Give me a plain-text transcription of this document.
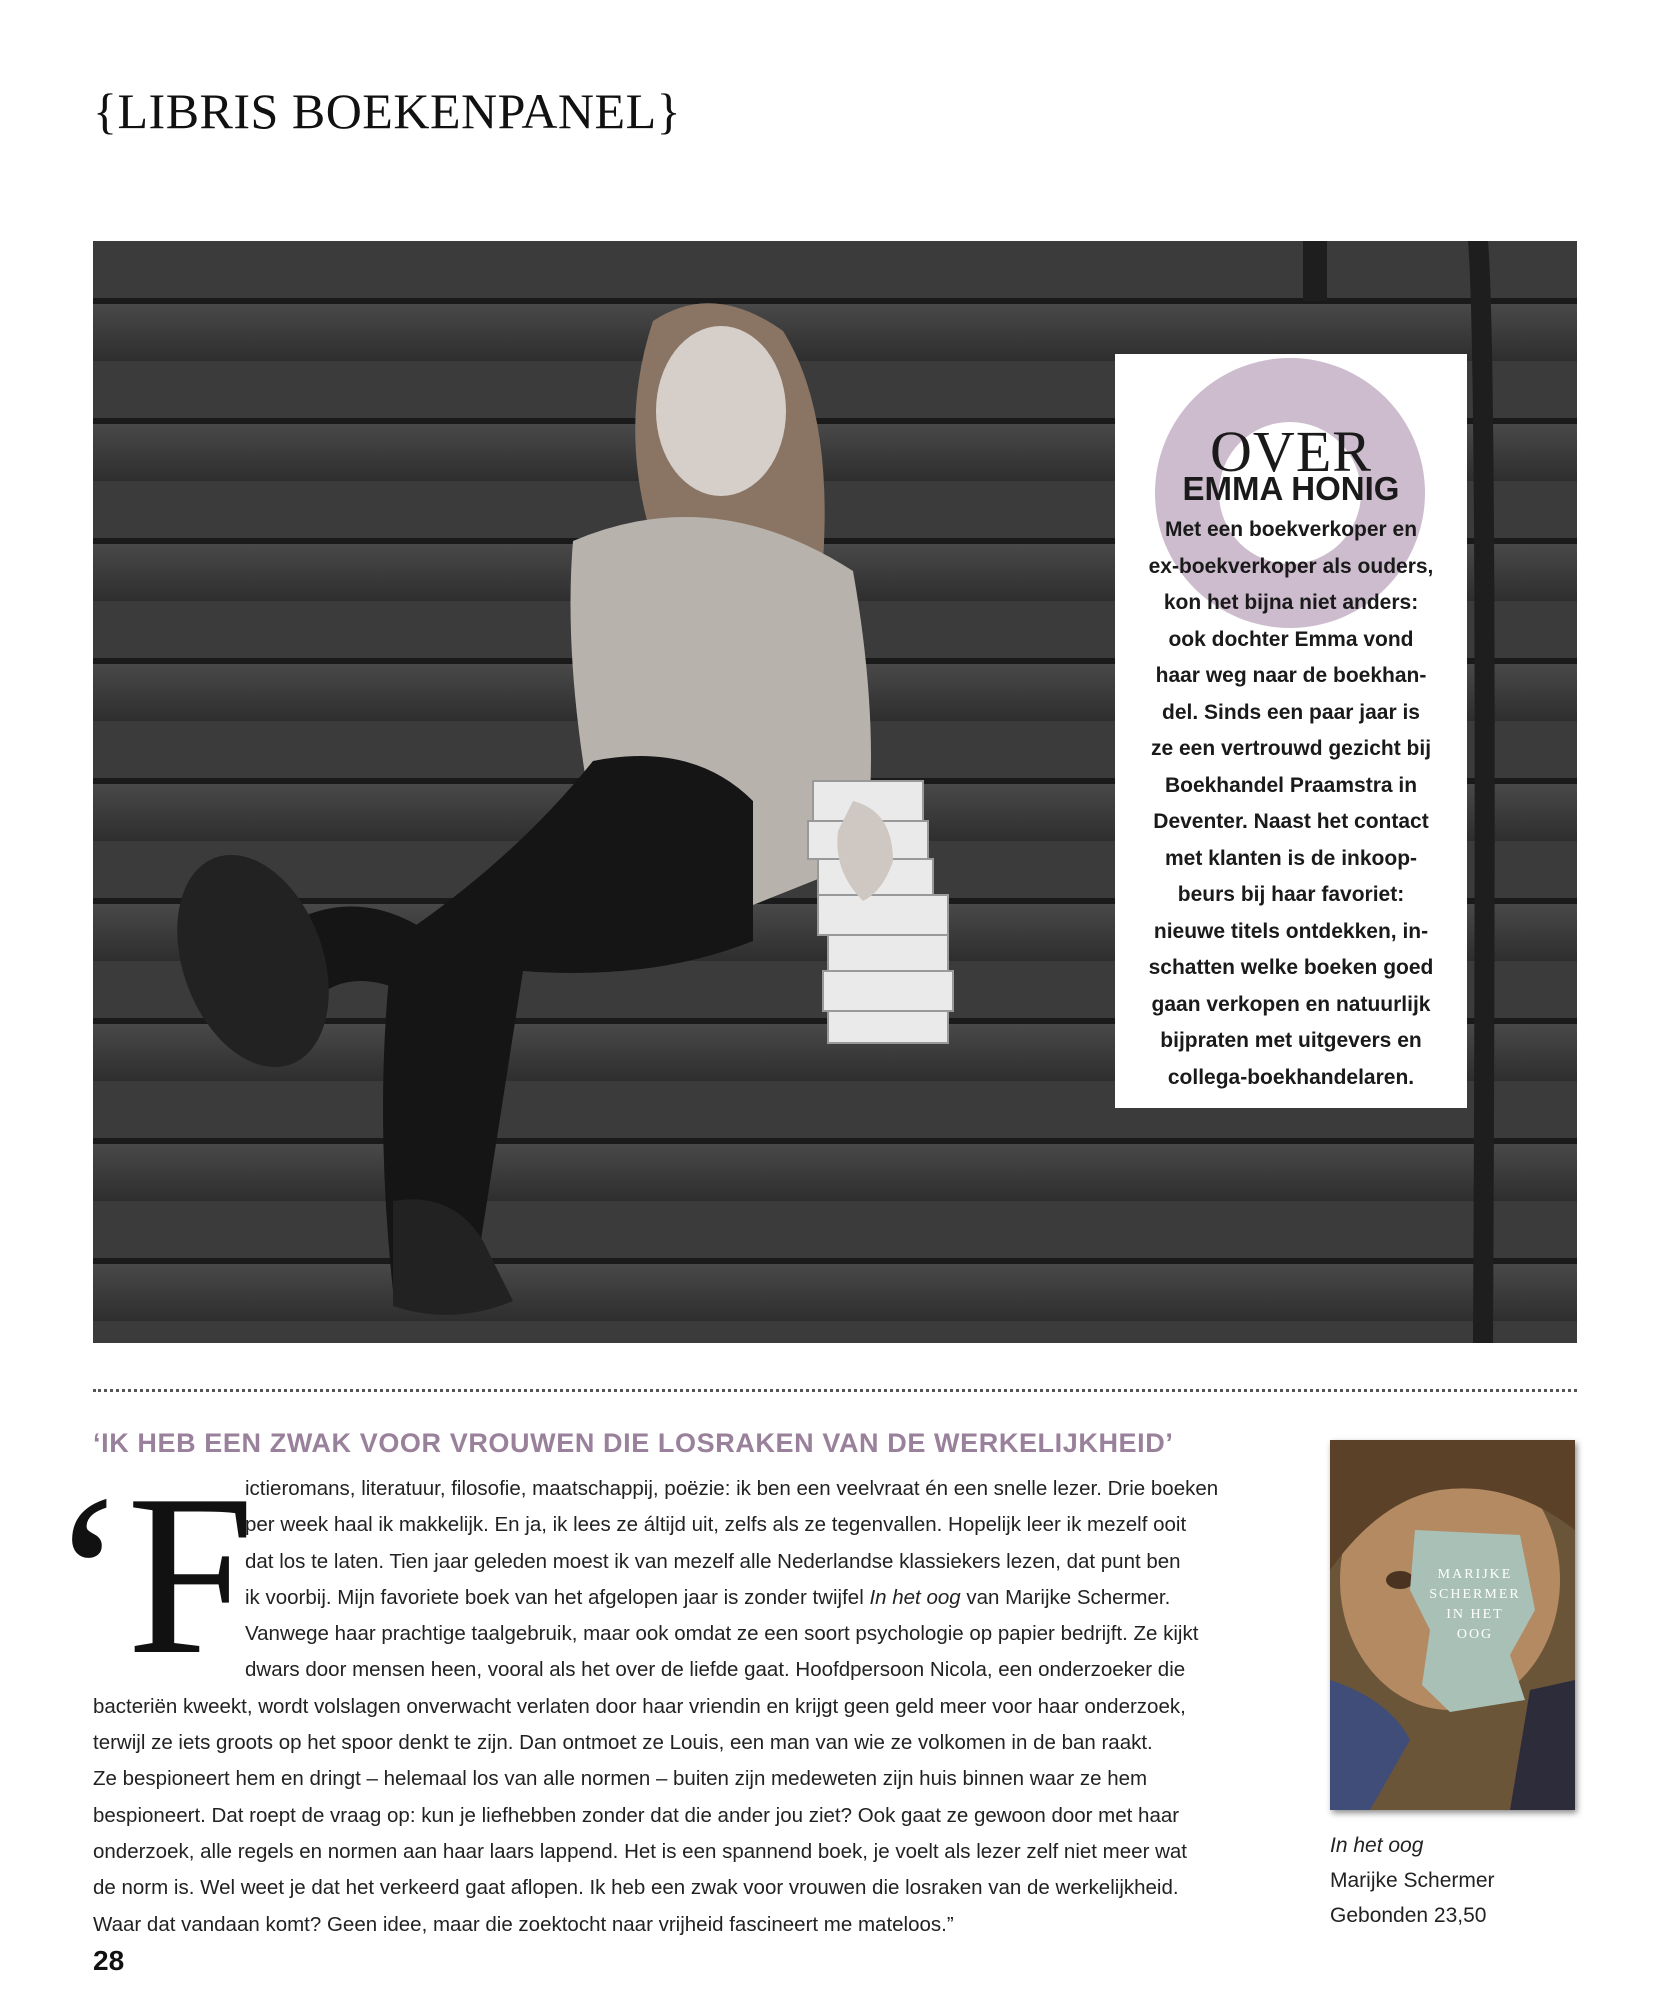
{LIBRIS BOEKENPANEL}
OVER
EMMA HONIG
Met een boekverkoper en
ex-boekverkoper als ouders,
kon het bijna niet anders:
ook dochter Emma vond
haar weg naar de boekhan-
del. Sinds een paar jaar is
ze een vertrouwd gezicht bij
Boekhandel Praamstra in
Deventer. Naast het contact
met klanten is de inkoop-
beurs bij haar favoriet:
nieuwe titels ontdekken, in-
schatten welke boeken goed
gaan verkopen en natuurlijk
bijpraten met uitgevers en
collega-boekhandelaren.
‘IK HEB EEN ZWAK VOOR VROUWEN DIE LOSRAKEN VAN DE WERKELIJKHEID’
‘F
ictieromans, literatuur, filosofie, maatschappij, poëzie: ik ben een veelvraat én een snelle lezer. Drie boeken
per week haal ik makkelijk. En ja, ik lees ze áltijd uit, zelfs als ze tegenvallen. Hopelijk leer ik mezelf ooit
dat los te laten. Tien jaar geleden moest ik van mezelf alle Nederlandse klassiekers lezen, dat punt ben
ik voorbij. Mijn favoriete boek van het afgelopen jaar is zonder twijfel In het oog van Marijke Schermer.
Vanwege haar prachtige taalgebruik, maar ook omdat ze een soort psychologie op papier bedrijft. Ze kijkt
dwars door mensen heen, vooral als het over de liefde gaat. Hoofdpersoon Nicola, een onderzoeker die
bacteriën kweekt, wordt volslagen onverwacht verlaten door haar vriendin en krijgt geen geld meer voor haar onderzoek,
terwijl ze iets groots op het spoor denkt te zijn. Dan ontmoet ze Louis, een man van wie ze volkomen in de ban raakt.
Ze bespioneert hem en dringt – helemaal los van alle normen – buiten zijn medeweten zijn huis binnen waar ze hem
bespioneert. Dat roept de vraag op: kun je liefhebben zonder dat die ander jou ziet? Ook gaat ze gewoon door met haar
onderzoek, alle regels en normen aan haar laars lappend. Het is een spannend boek, je voelt als lezer zelf niet meer wat
de norm is. Wel weet je dat het verkeerd gaat aflopen. Ik heb een zwak voor vrouwen die losraken van de werkelijkheid.
Waar dat vandaan komt? Geen idee, maar die zoektocht naar vrijheid fascineert me mateloos.”
MARIJKE
SCHERMER
IN HET
OOG
In het oog
Marijke Schermer
Gebonden 23,50
28
